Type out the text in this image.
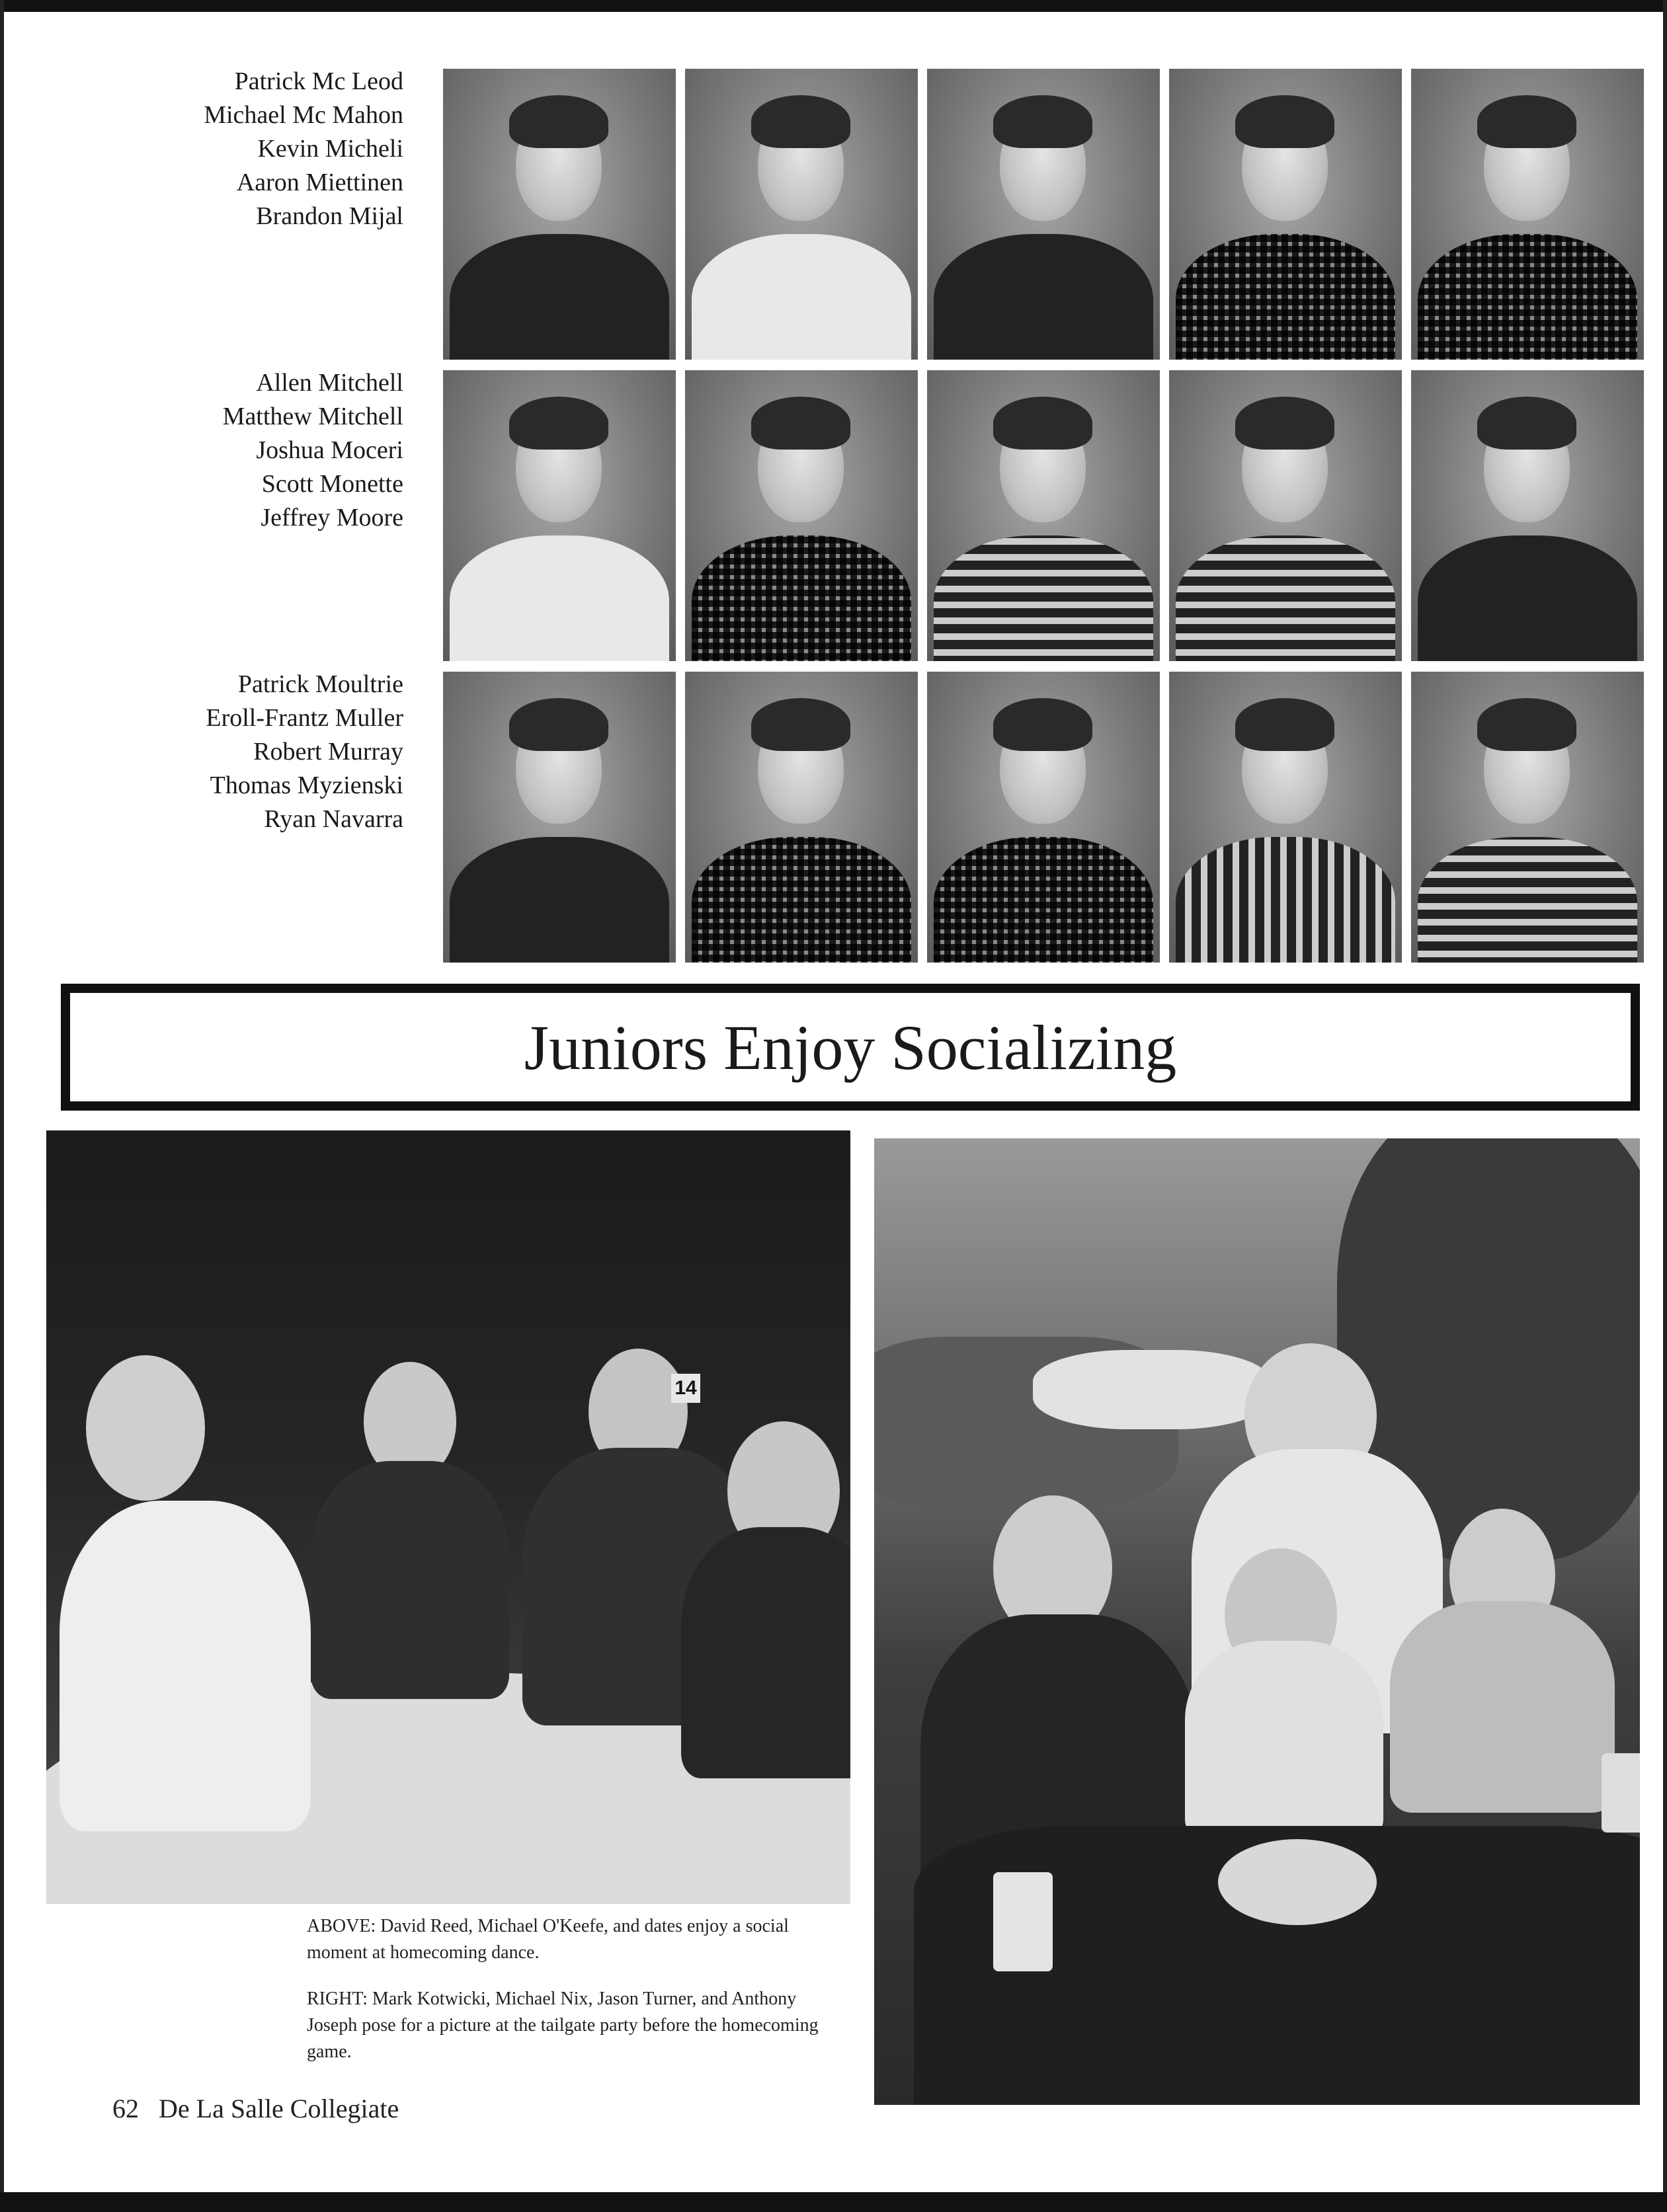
Patrick Mc Leod
Michael Mc Mahon
Kevin Micheli
Aaron Miettinen
Brandon Mijal
Allen Mitchell
Matthew Mitchell
Joshua Moceri
Scott Monette
Jeffrey Moore
Patrick Moultrie
Eroll-Frantz Muller
Robert Murray
Thomas Myzienski
Ryan Navarra
Juniors Enjoy Socializing
14
ABOVE: David Reed, Michael O'Keefe, and dates enjoy a social moment at homecoming dance.
RIGHT: Mark Kotwicki, Michael Nix, Jason Turner, and Anthony Joseph pose for a picture at the tailgate party before the homecoming game.
62 De La Salle Collegiate
